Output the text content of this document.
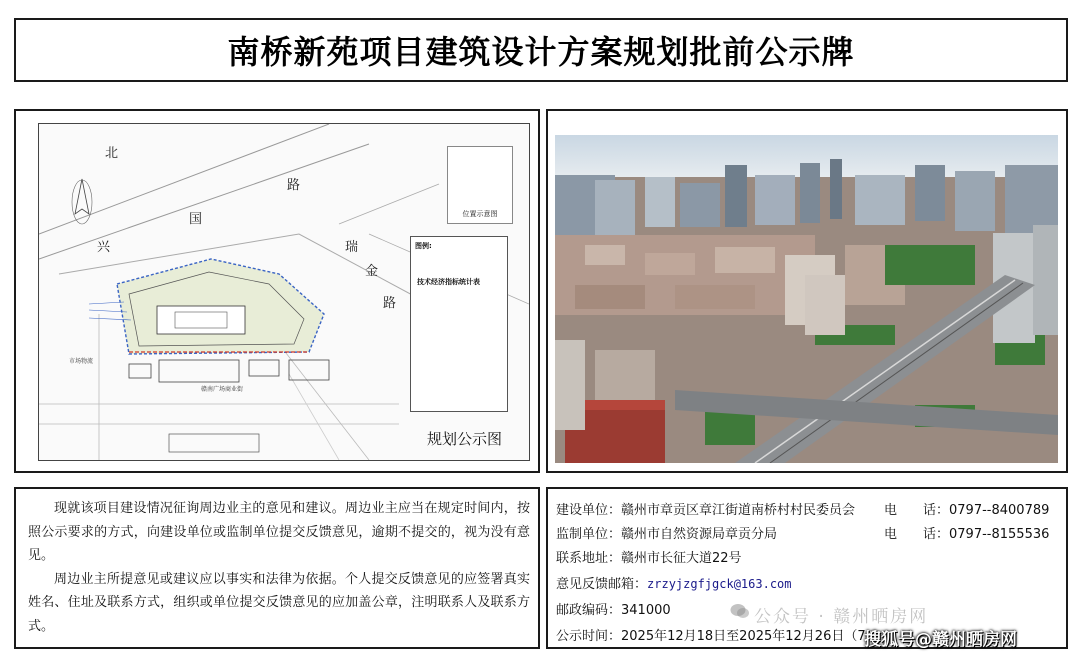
南桥新苑项目建筑设计方案规划批前公示牌
北
兴
国
路
瑞
金
路
市场物流
赣南广场商业街
位置示意图
图例:
技术经济指标统计表
规划公示图

现就该项目建设情况征询周边业主的意见和建议。周边业主应当在规定时间内，按照公示要求的方式，向建设单位或监制单位提交反馈意见，逾期不提交的，视为没有意见。

周边业主所提意见或建议应以事实和法律为依据。个人提交反馈意见的应签署真实姓名、住址及联系方式，组织或单位提交反馈意见的应加盖公章，注明联系人及联系方式。

建设单位：赣州市章贡区章江街道南桥村村民委员会 电　　话：0797--8400789
监制单位：赣州市自然资源局章贡分局	电　　话：0797--8155536
联系地址：赣州市长征大道22号
意见反馈邮箱：zrzyjzgfjgck@163.com
邮政编码：341000
公示时间：2025年12月18日至2025年12月26日（7
公众号 · 赣州晒房网
搜狐号@赣州晒房网
